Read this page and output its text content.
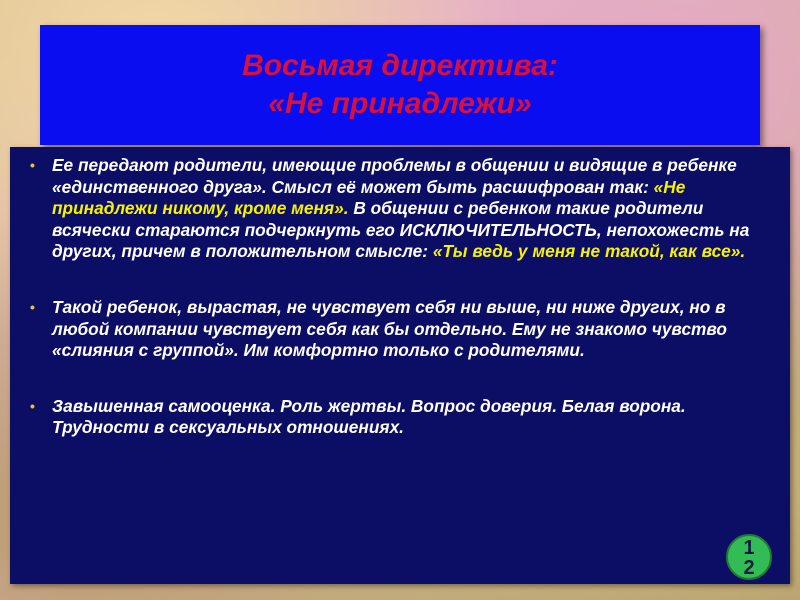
Восьмая директива:
«Не принадлежи»
• Ее передают родители, имеющие проблемы в общении и видящие в ребенке «единственного друга». Смысл её может быть расшифрован так: «Не принадлежи никому, кроме меня». В общении с ребенком такие родители всячески стараются подчеркнуть его ИСКЛЮЧИТЕЛЬНОСТЬ, непохожесть на других, причем в положительном смысле: «Ты ведь у меня не такой, как все».
• Такой ребенок, вырастая, не чувствует себя ни выше, ни ниже других, но в любой компании чувствует себя как бы отдельно. Ему не знакомо чувство «слияния с группой». Им комфортно только с родителями.
• Завышенная самооценка. Роль жертвы. Вопрос доверия. Белая ворона. Трудности в сексуальных отношениях.
1
2
